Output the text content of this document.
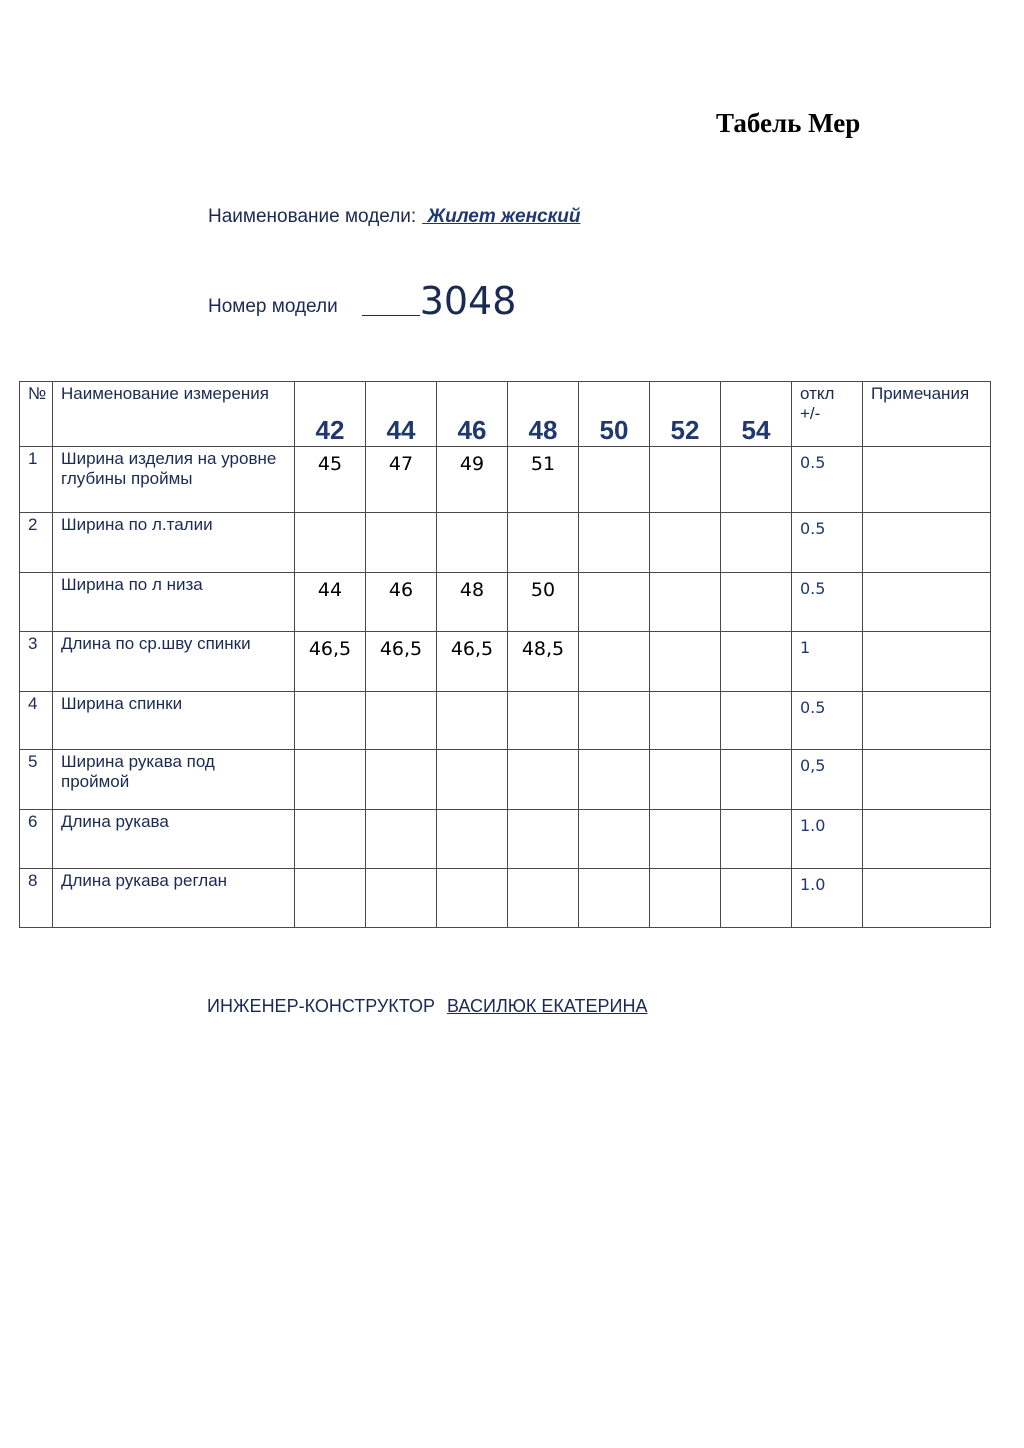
Табель Мер
Наименование модели: Жилет женский
Номер модели 3048
№	Наименование измерения	42	44	46	48	50	52	54	откл +/-	Примечания
1	Ширина изделия на уровне глубины проймы	45	47	49	51				0.5	
2	Ширина по л.талии								0.5	
	Ширина по л низа	44	46	48	50				0.5	
3	Длина по ср.шву спинки	46,5	46,5	46,5	48,5				1	
4	Ширина спинки								0.5	
5	Ширина рукава под проймой								0,5	
6	Длина рукава								1.0	
8	Длина рукава реглан								1.0	
ИНЖЕНЕР-КОНСТРУКТОР ВАСИЛЮК ЕКАТЕРИНА
